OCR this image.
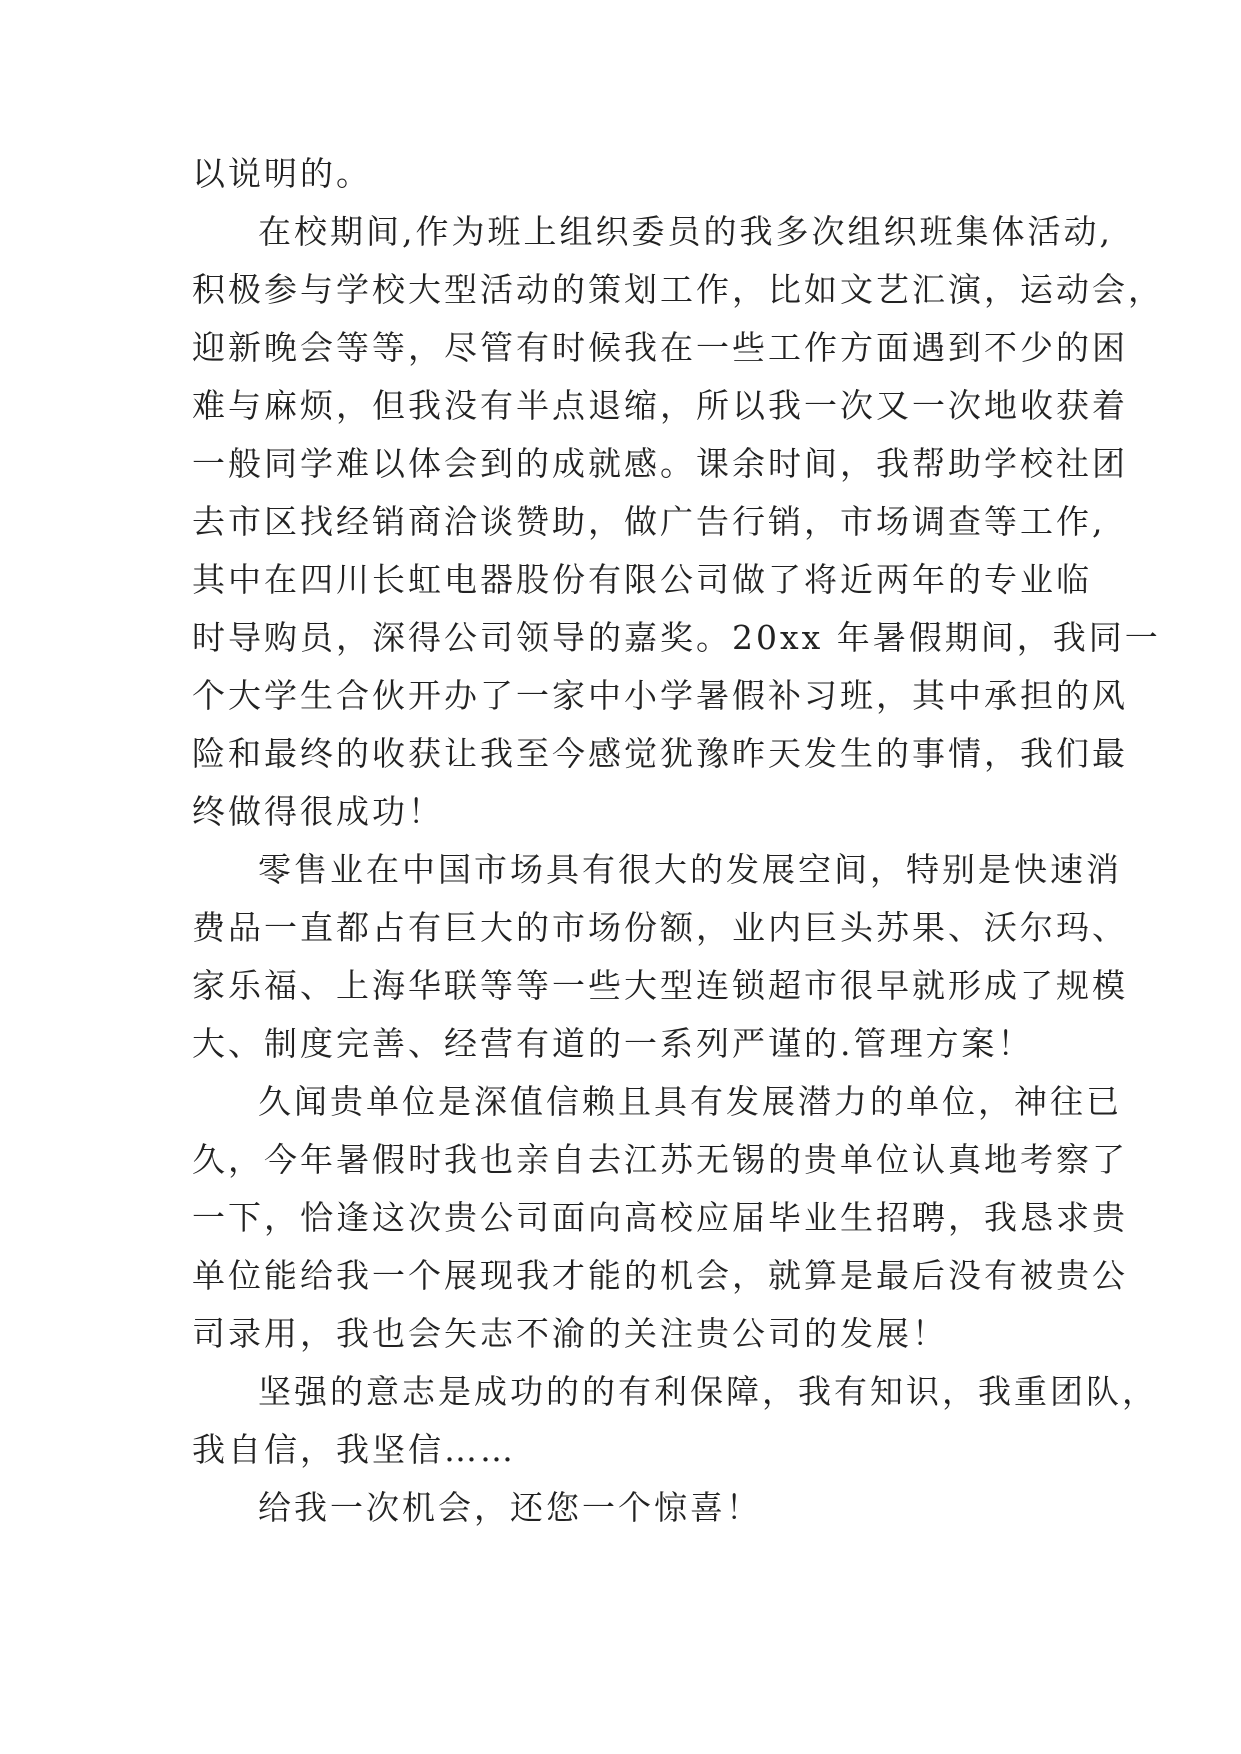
以说明的。
在校期间,作为班上组织委员的我多次组织班集体活动,
积极参与学校大型活动的策划工作，比如文艺汇演，运动会，
迎新晚会等等，尽管有时候我在一些工作方面遇到不少的困
难与麻烦，但我没有半点退缩，所以我一次又一次地收获着
一般同学难以体会到的成就感。课余时间，我帮助学校社团
去市区找经销商洽谈赞助，做广告行销，市场调查等工作,
其中在四川长虹电器股份有限公司做了将近两年的专业临
时导购员，深得公司领导的嘉奖。20xx 年暑假期间，我同一
个大学生合伙开办了一家中小学暑假补习班，其中承担的风
险和最终的收获让我至今感觉犹豫昨天发生的事情，我们最
终做得很成功！
零售业在中国市场具有很大的发展空间，特别是快速消
费品一直都占有巨大的市场份额，业内巨头苏果、沃尔玛、
家乐福、上海华联等等一些大型连锁超市很早就形成了规模
大、制度完善、经营有道的一系列严谨的.管理方案！
久闻贵单位是深值信赖且具有发展潜力的单位，神往已
久，今年暑假时我也亲自去江苏无锡的贵单位认真地考察了
一下，恰逢这次贵公司面向高校应届毕业生招聘，我恳求贵
单位能给我一个展现我才能的机会，就算是最后没有被贵公
司录用，我也会矢志不渝的关注贵公司的发展！
坚强的意志是成功的的有利保障，我有知识，我重团队，
我自信，我坚信……
给我一次机会，还您一个惊喜！
